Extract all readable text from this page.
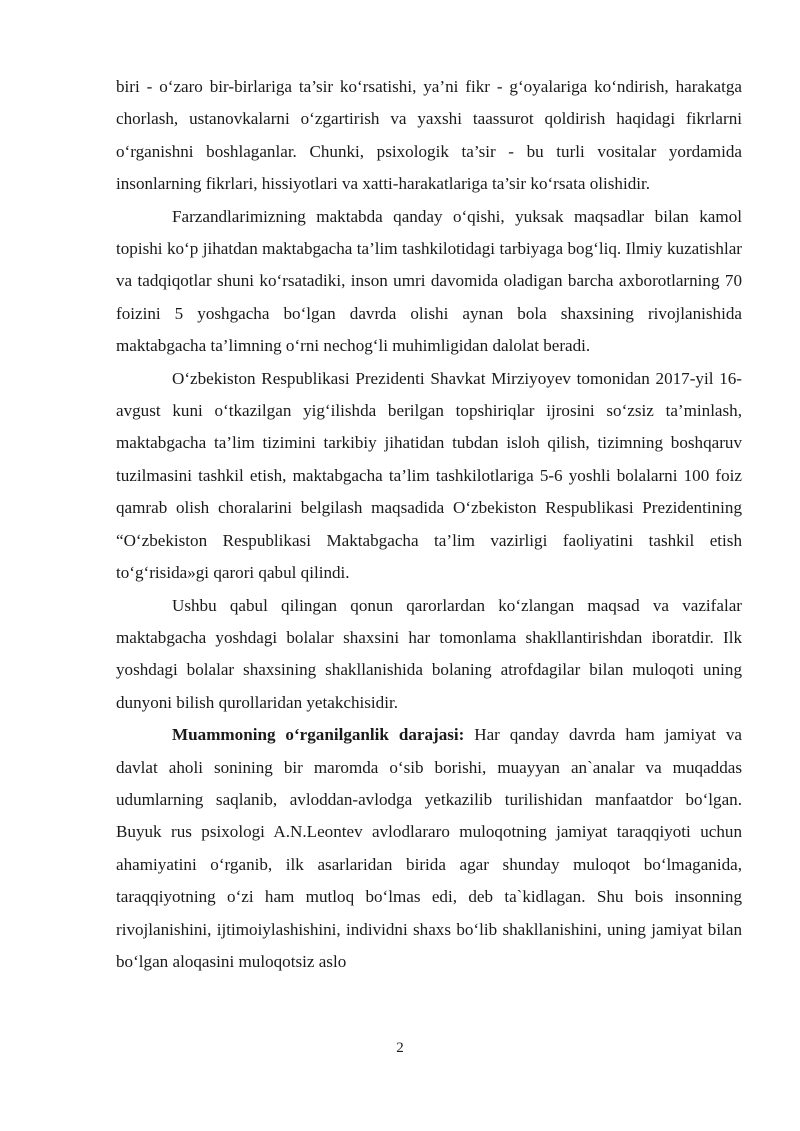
biri - o‘zaro bir-birlariga ta’sir ko‘rsatishi, ya’ni fikr - g‘oyalariga ko‘ndirish, harakatga chorlash, ustanovkalarni o‘zgartirish va yaxshi taassurot qoldirish haqidagi fikrlarni o‘rganishni boshlaganlar. Chunki, psixologik ta’sir - bu turli vositalar yordamida insonlarning fikrlari, hissiyotlari va xatti-harakatlariga ta’sir ko‘rsata olishidir.

Farzandlarimizning maktabda qanday o‘qishi, yuksak maqsadlar bilan kamol topishi ko‘p jihatdan maktabgacha ta’lim tashkilotidagi tarbiyaga bog‘liq. Ilmiy kuzatishlar va tadqiqotlar shuni ko‘rsatadiki, inson umri davomida oladigan barcha axborotlarning 70 foizini 5 yoshgacha bo‘lgan davrda olishi aynan bola shaxsining rivojlanishida maktabgacha ta’limning o‘rni nechog‘li muhimligidan dalolat beradi.

O‘zbekiston Respublikasi Prezidenti Shavkat Mirziyoyev tomonidan 2017-yil 16-avgust kuni o‘tkazilgan yig‘ilishda berilgan topshiriqlar ijrosini so‘zsiz ta’minlash, maktabgacha ta’lim tizimini tarkibiy jihatidan tubdan isloh qilish, tizimning boshqaruv tuzilmasini tashkil etish, maktabgacha ta’lim tashkilotlariga 5-6 yoshli bolalarni 100 foiz qamrab olish choralarini belgilash maqsadida O‘zbekiston Respublikasi Prezidentining “O‘zbekiston Respublikasi Maktabgacha ta’lim vazirligi faoliyatini tashkil etish to‘g‘risida»gi qarori qabul qilindi.

Ushbu qabul qilingan qonun qarorlardan ko‘zlangan maqsad va vazifalar maktabgacha yoshdagi bolalar shaxsini har tomonlama shakllantirishdan iboratdir. Ilk yoshdagi bolalar shaxsining shakllanishida bolaning atrofdagilar bilan muloqoti uning dunyoni bilish qurollaridan yetakchisidir.

Muammoning o‘rganilganlik darajasi: Har qanday davrda ham jamiyat va davlat aholi sonining bir maromda o‘sib borishi, muayyan an`analar va muqaddas udumlarning saqlanib, avloddan-avlodga yetkazilib turilishidan manfaatdor bo‘lgan. Buyuk rus psixologi A.N.Leontev avlodlararo muloqotning jamiyat taraqqiyoti uchun ahamiyatini o‘rganib, ilk asarlaridan birida agar shunday muloqot bo‘lmaganida, taraqqiyotning o‘zi ham mutloq bo‘lmas edi, deb ta`kidlagan. Shu bois insonning rivojlanishini, ijtimoiylashishini, individni shaxs bo‘lib shakllanishini, uning jamiyat bilan bo‘lgan aloqasini muloqotsiz aslo

2
